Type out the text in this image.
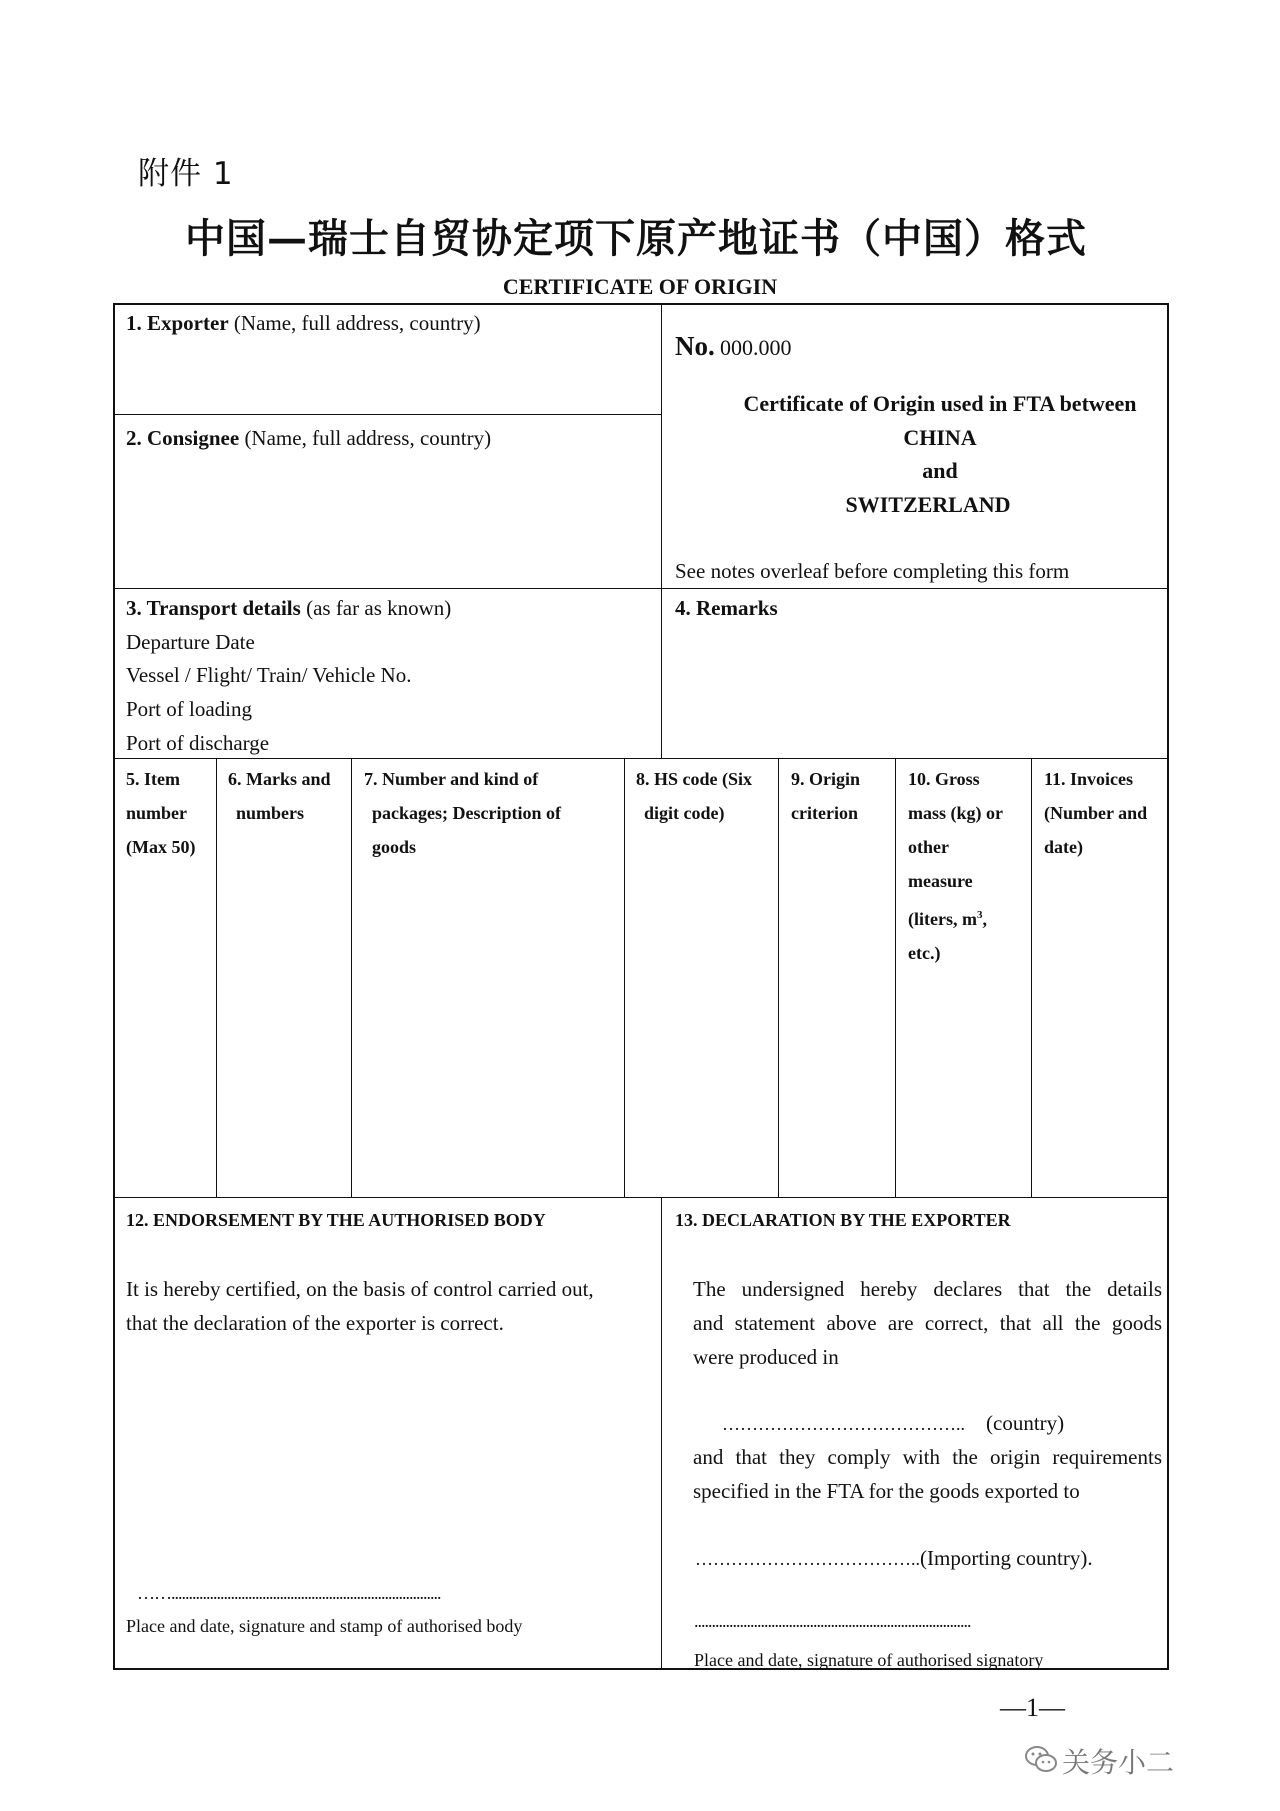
附件 1
中国—瑞士自贸协定项下原产地证书（中国）格式
CERTIFICATE OF ORIGIN
1. Exporter (Name, full address, country)
2. Consignee (Name, full address, country)
No. 000.000
Certificate of Origin used in FTA between
CHINA
and
SWITZERLAND
See notes overleaf before completing this form
3. Transport details (as far as known)
Departure Date
Vessel / Flight/ Train/ Vehicle No.
Port of loading
Port of discharge
4. Remarks
5. Item
number
(Max 50)
6. Marks and
numbers
7. Number and kind of
packages; Description of
goods
8. HS code (Six
digit code)
9. Origin
criterion
10. Gross
mass (kg) or
other
measure
(liters, $m^3$,
etc.)
11. Invoices
(Number and
date)
12. ENDORSEMENT BY THE AUTHORISED BODY
It is hereby certified, on the basis of control carried out,
that the declaration of the exporter is correct.
…….............................................................................
Place and date, signature and stamp of authorised body
13. DECLARATION BY THE EXPORTER
The undersigned hereby declares that the details
and statement above are correct, that all the goods
were produced in
………………………………….. (country)
and that they comply with the origin requirements
specified in the FTA for the goods exported to
………………………………..(Importing country).
...............................................................................
Place and date, signature of authorised signatory
—1—
关务小二
